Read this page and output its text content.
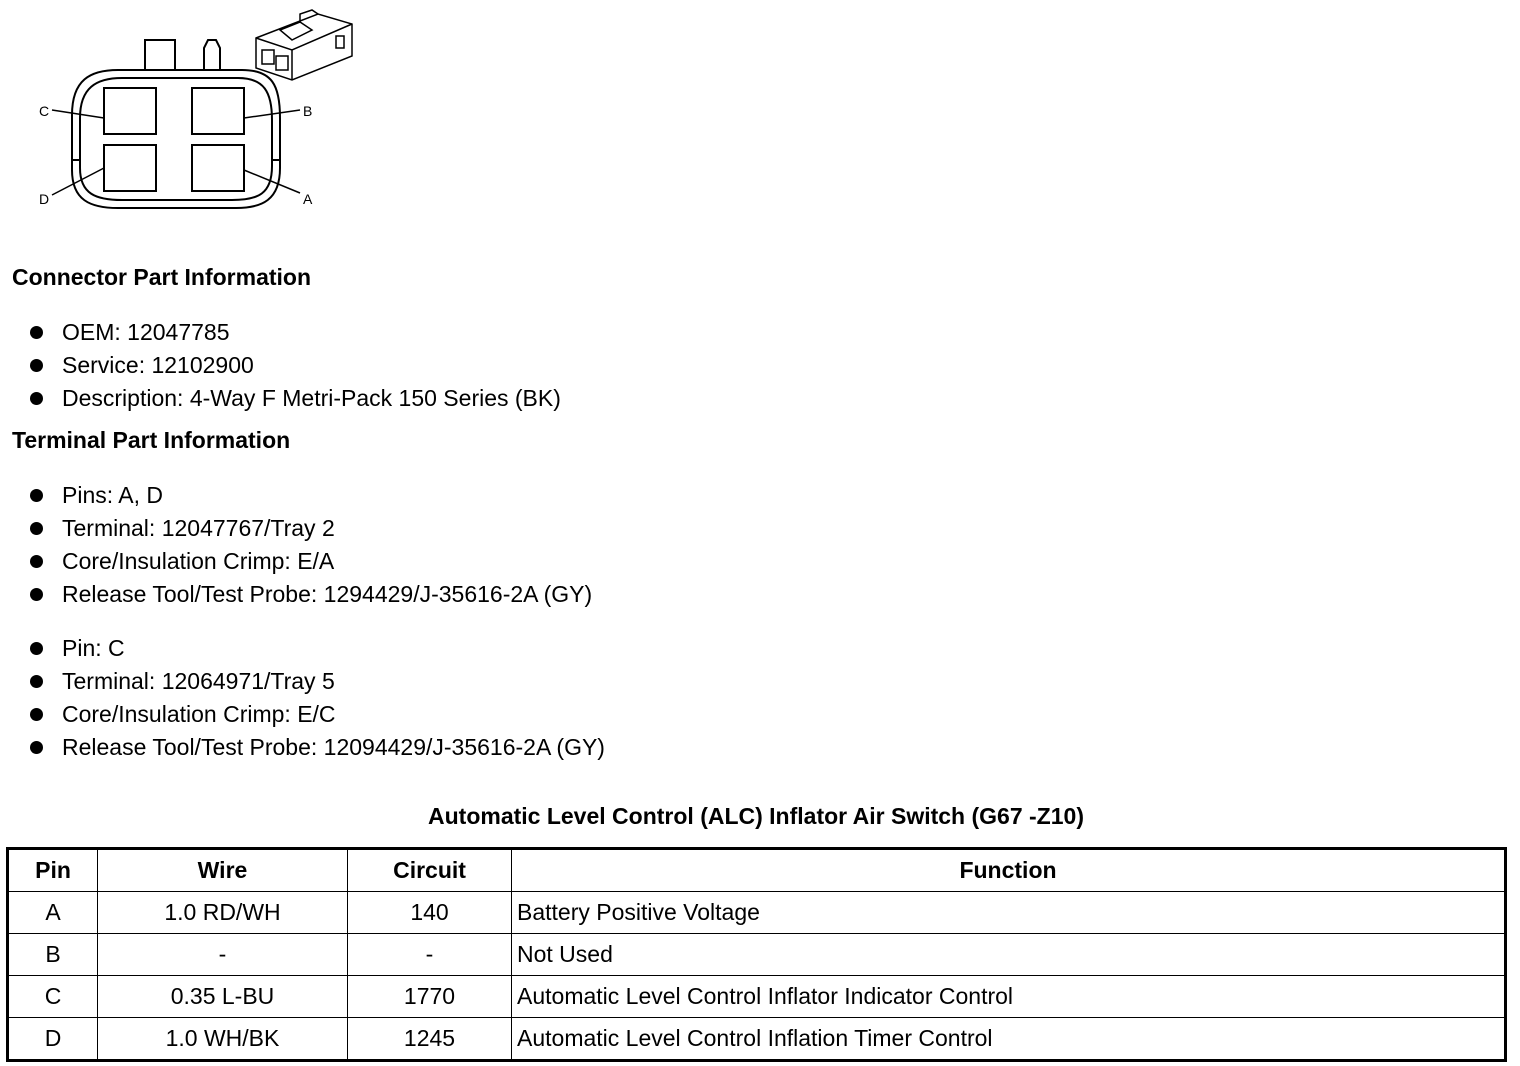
C	B
D	A
Connector Part Information
OEM: 12047785
Service: 12102900
Description: 4-Way F Metri-Pack 150 Series (BK)
Terminal Part Information
Pins: A, D
Terminal: 12047767/Tray 2
Core/Insulation Crimp: E/A
Release Tool/Test Probe: 1294429/J-35616-2A (GY)
Pin: C
Terminal: 12064971/Tray 5
Core/Insulation Crimp: E/C
Release Tool/Test Probe: 12094429/J-35616-2A (GY)
Automatic Level Control (ALC) Inflator Air Switch (G67 -Z10)
Pin	Wire	Circuit	Function
A	1.0 RD/WH	140	Battery Positive Voltage
B	-	-	Not Used
C	0.35 L-BU	1770	Automatic Level Control Inflator Indicator Control
D	1.0 WH/BK	1245	Automatic Level Control Inflation Timer Control
